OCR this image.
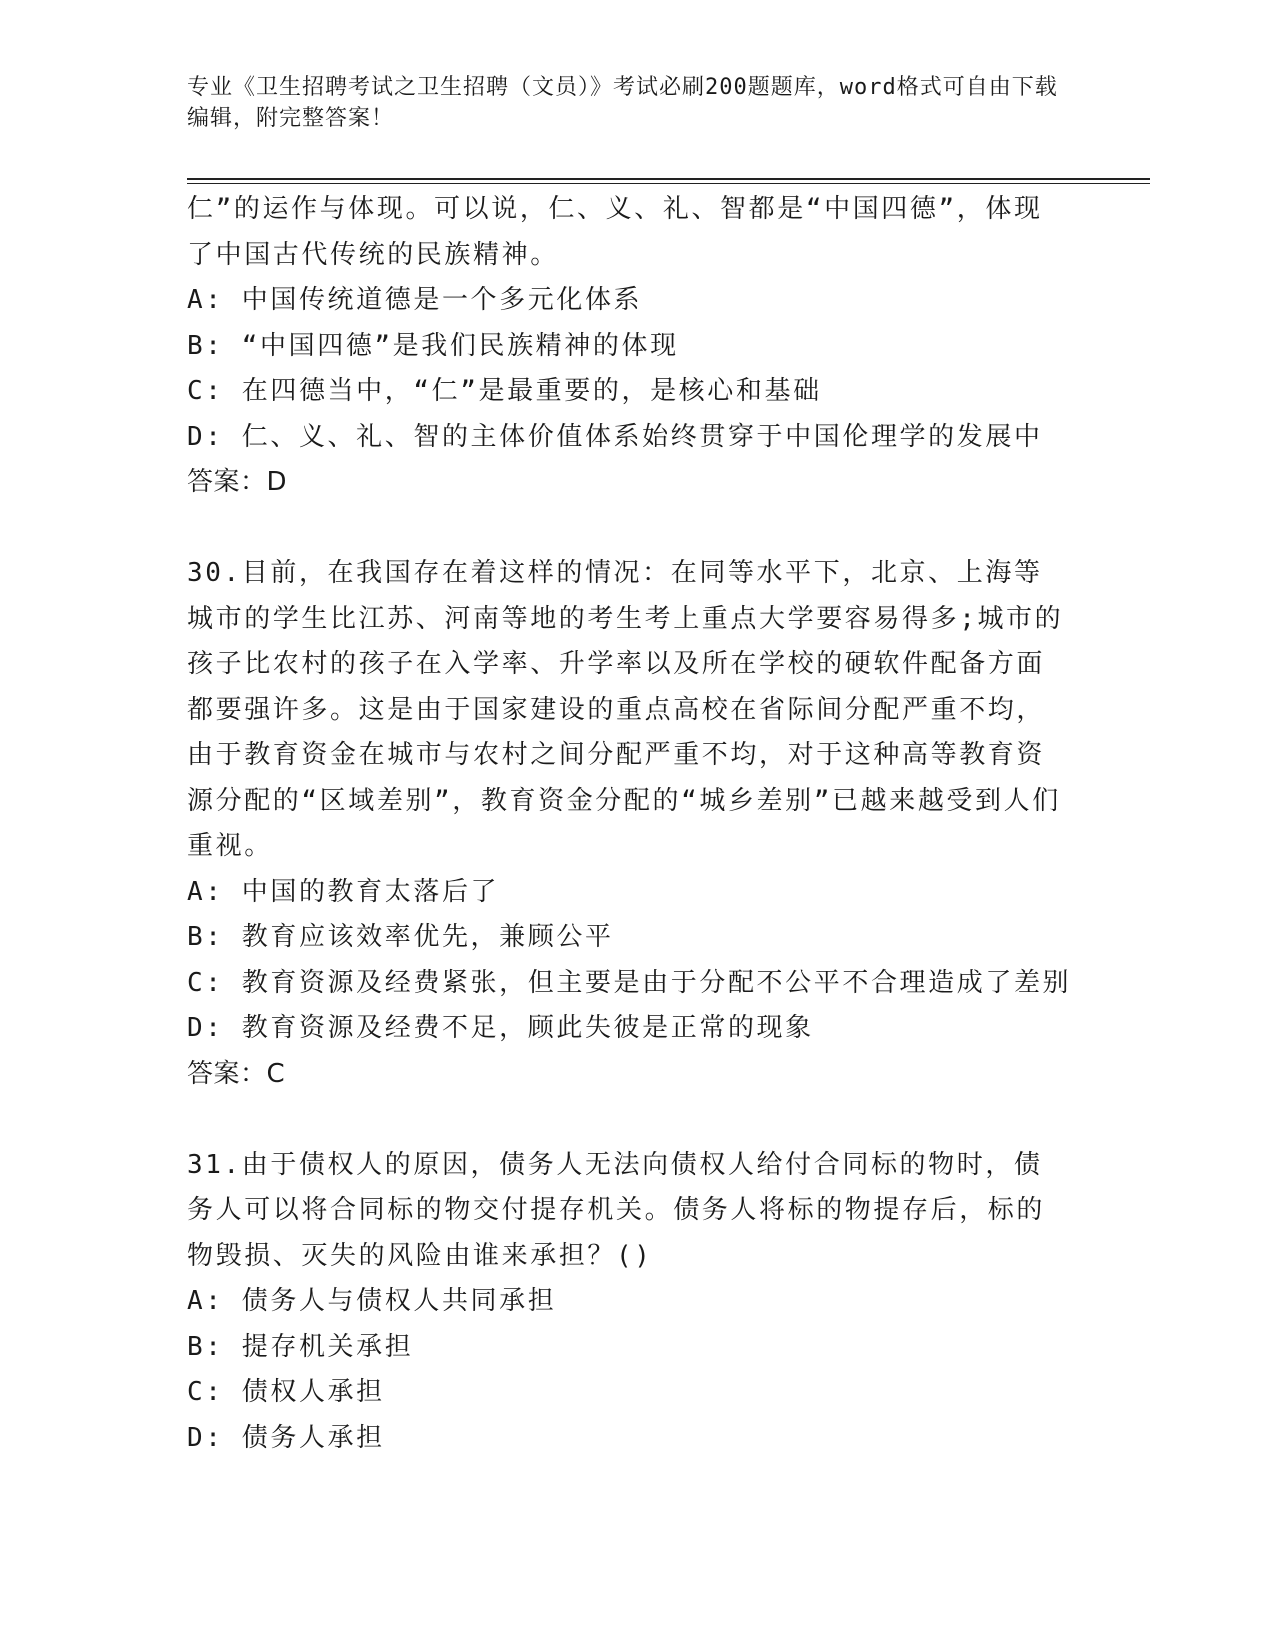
专业《卫生招聘考试之卫生招聘（文员）》考试必刷200题题库，word格式可自由下载编辑，附完整答案！

仁”的运作与体现。可以说，仁、义、礼、智都是“中国四德”，体现了中国古代传统的民族精神。

A: 中国传统道德是一个多元化体系

B: “中国四德”是我们民族精神的体现

C: 在四德当中，“仁”是最重要的，是核心和基础

D: 仁、义、礼、智的主体价值体系始终贯穿于中国伦理学的发展中

答案：D

30.目前，在我国存在着这样的情况：在同等水平下，北京、上海等城市的学生比江苏、河南等地的考生考上重点大学要容易得多;城市的孩子比农村的孩子在入学率、升学率以及所在学校的硬软件配备方面都要强许多。这是由于国家建设的重点高校在省际间分配严重不均，由于教育资金在城市与农村之间分配严重不均，对于这种高等教育资源分配的“区域差别”，教育资金分配的“城乡差别”已越来越受到人们重视。

A: 中国的教育太落后了

B: 教育应该效率优先，兼顾公平

C: 教育资源及经费紧张，但主要是由于分配不公平不合理造成了差别

D: 教育资源及经费不足，顾此失彼是正常的现象

答案：C

31.由于债权人的原因，债务人无法向债权人给付合同标的物时，债务人可以将合同标的物交付提存机关。债务人将标的物提存后，标的物毁损、灭失的风险由谁来承担？()

A: 债务人与债权人共同承担

B: 提存机关承担

C: 债权人承担

D: 债务人承担
